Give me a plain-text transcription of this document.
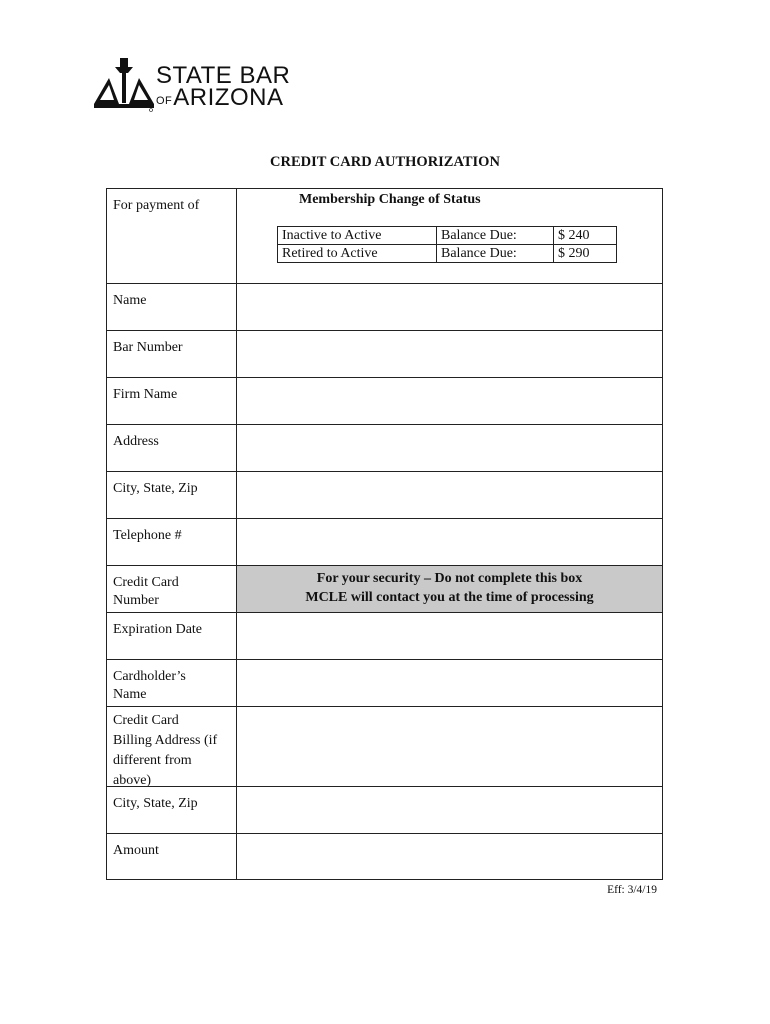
STATE BAR
OFARIZONA
CREDIT CARD AUTHORIZATION
For payment of	Membership Change of Status
Inactive to Active	Balance Due:	$ 240
Retired to Active	Balance Due:	$ 290
Name
Bar Number
Firm Name
Address
City, State, Zip
Telephone #
Credit Card Number
For your security – Do not complete this box
MCLE will contact you at the time of processing
Expiration Date
Cardholder’s Name
Credit Card Billing Address (if different from above)
City, State, Zip
Amount
Eff: 3/4/19
